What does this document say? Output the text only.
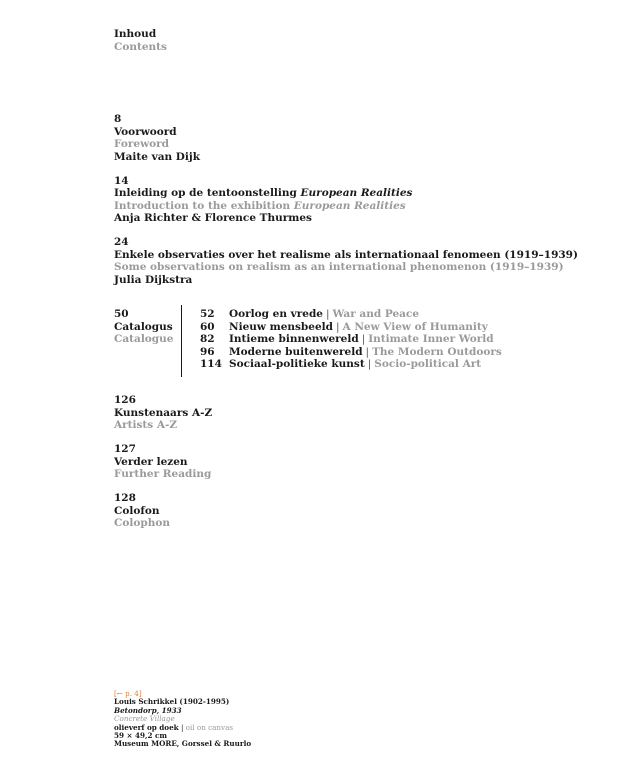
Inhoud
Contents
8
Voorwoord
Foreword
Maite van Dijk
14
Inleiding op de tentoonstelling European Realities
Introduction to the exhibition European Realities
Anja Richter & Florence Thurmes
24
Enkele observaties over het realisme als internationaal fenomeen (1919–1939)
Some observations on realism as an international phenomenon (1919–1939)
Julia Dijkstra
50
Catalogus
Catalogue
52	Oorlog en vrede | War and Peace
60	Nieuw mensbeeld | A New View of Humanity
82	Intieme binnenwereld | Intimate Inner World
96	Moderne buitenwereld | The Modern Outdoors
114 Sociaal-politieke kunst | Socio-political Art
126
Kunstenaars A-Z
Artists A-Z
127
Verder lezen
Further Reading
128
Colofon
Colophon
[← p. 4]
Louis Schrikkel (1902-1995)
Betondorp, 1933
Concrete Village
olieverf op doek | oil on canvas
59 × 49,2 cm
Museum MORE, Gorssel & Ruurlo
